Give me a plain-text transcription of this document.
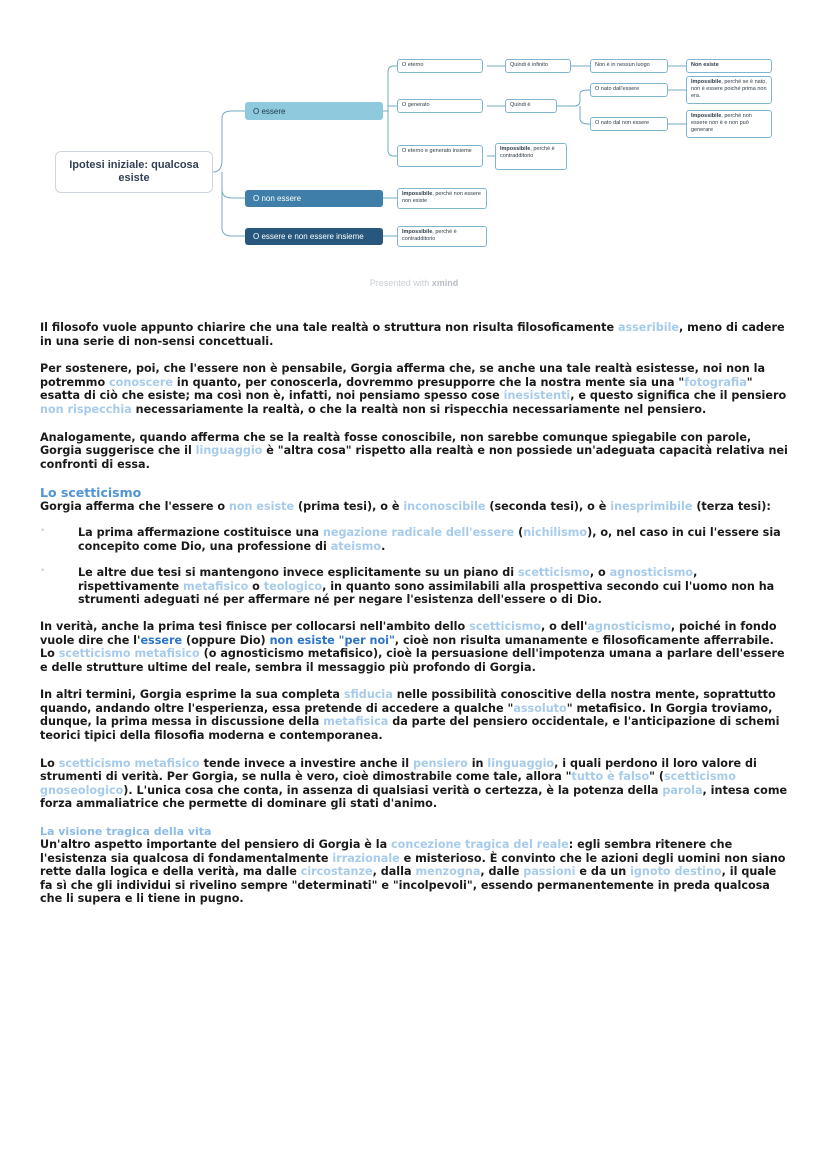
Ipotesi iniziale: qualcosa esiste
O essere
O non essere
O essere e non essere insieme
O eterno
O generato
O eterno e generato insieme
Quindi è infinito	Non è in nessun luogo	Non esiste
Quindi è
O nato dall'essere
O nato dal non essere
Impossibile, perché se è nato, non è essere poiché prima non era.
Impossibile, perché non essere non è e non può generare
Impossibile, perché è contradditorio
Impossibile, perché non essere non esiste
Impossibile, perché è contradditorio
Presented with xmind

Il filosofo vuole appunto chiarire che una tale realtà o struttura non risulta filosoficamente asseribile, meno di cadere in una serie di non-sensi concettuali.

Per sostenere, poi, che l'essere non è pensabile, Gorgia afferma che, se anche una tale realtà esistesse, noi non la potremmo conoscere in quanto, per conoscerla, dovremmo presupporre che la nostra mente sia una "fotografia" esatta di ciò che esiste; ma così non è, infatti, noi pensiamo spesso cose inesistenti, e questo significa che il pensiero non rispecchia necessariamente la realtà, o che la realtà non si rispecchia necessariamente nel pensiero.

Analogamente, quando afferma che se la realtà fosse conoscibile, non sarebbe comunque spiegabile con parole, Gorgia suggerisce che il linguaggio è "altra cosa" rispetto alla realtà e non possiede un'adeguata capacità relativa nei confronti di essa.

Lo scetticismo

Gorgia afferma che l'essere o non esiste (prima tesi), o è inconoscibile (seconda tesi), o è inesprimibile (terza tesi):

• La prima affermazione costituisce una negazione radicale dell'essere (nichilismo), o, nel caso in cui l'essere sia concepito come Dio, una professione di ateismo.

• Le altre due tesi si mantengono invece esplicitamente su un piano di scetticismo, o agnosticismo, rispettivamente metafisico o teologico, in quanto sono assimilabili alla prospettiva secondo cui l'uomo non ha strumenti adeguati né per affermare né per negare l'esistenza dell'essere o di Dio.

In verità, anche la prima tesi finisce per collocarsi nell'ambito dello scetticismo, o dell'agnosticismo, poiché in fondo vuole dire che l'essere (oppure Dio) non esiste "per noi", cioè non risulta umanamente e filosoficamente afferrabile. Lo scetticismo metafisico (o agnosticismo metafisico), cioè la persuasione dell'impotenza umana a parlare dell'essere e delle strutture ultime del reale, sembra il messaggio più profondo di Gorgia.

In altri termini, Gorgia esprime la sua completa sfiducia nelle possibilità conoscitive della nostra mente, soprattutto quando, andando oltre l'esperienza, essa pretende di accedere a qualche "assoluto" metafisico. In Gorgia troviamo, dunque, la prima messa in discussione della metafisica da parte del pensiero occidentale, e l'anticipazione di schemi teorici tipici della filosofia moderna e contemporanea.

Lo scetticismo metafisico tende invece a investire anche il pensiero in linguaggio, i quali perdono il loro valore di strumenti di verità. Per Gorgia, se nulla è vero, cioè dimostrabile come tale, allora "tutto è falso" (scetticismo gnoseologico). L'unica cosa che conta, in assenza di qualsiasi verità o certezza, è la potenza della parola, intesa come forza ammaliatrice che permette di dominare gli stati d'animo.

La visione tragica della vita

Un'altro aspetto importante del pensiero di Gorgia è la concezione tragica del reale: egli sembra ritenere che l'esistenza sia qualcosa di fondamentalmente irrazionale e misterioso. È convinto che le azioni degli uomini non siano rette dalla logica e della verità, ma dalle circostanze, dalla menzogna, dalle passioni e da un ignoto destino, il quale fa sì che gli individui si rivelino sempre "determinati" e "incolpevoli", essendo permanentemente in preda qualcosa che li supera e li tiene in pugno.
